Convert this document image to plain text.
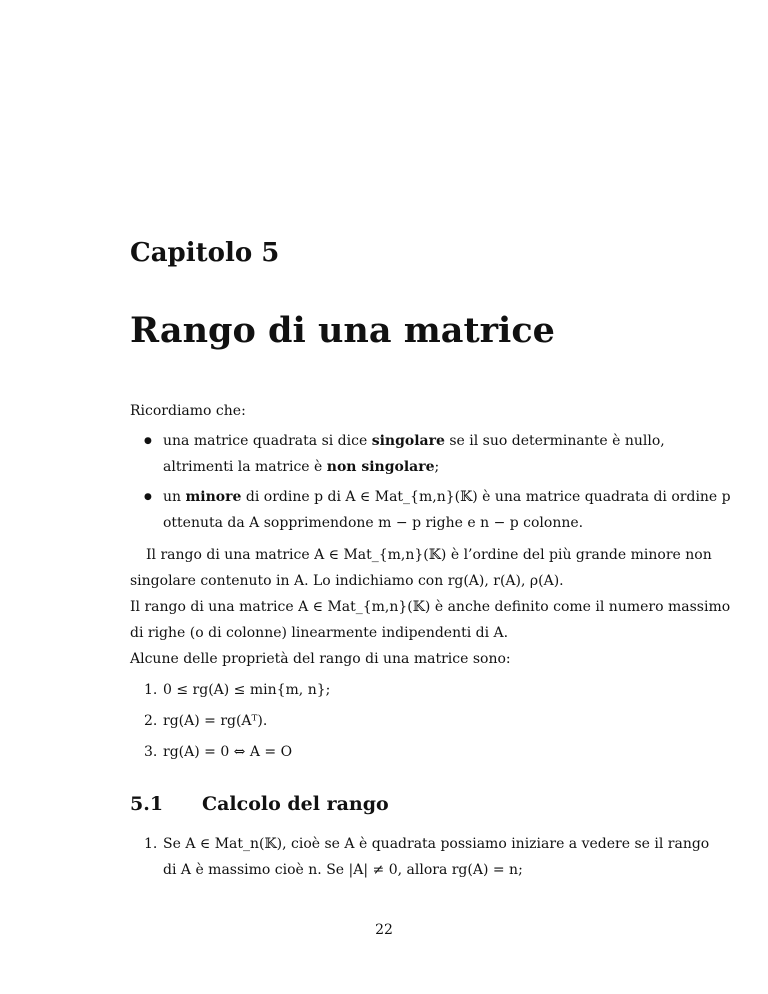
Capitolo 5
Rango di una matrice
Ricordiamo che:
● una matrice quadrata si dice singolare se il suo determinante è nullo,
altrimenti la matrice è non singolare;
● un minore di ordine p di A ∈ Mat_{m,n}(𝕂) è una matrice quadrata di ordine p
ottenuta da A sopprimendone m − p righe e n − p colonne.
Il rango di una matrice A ∈ Mat_{m,n}(𝕂) è l’ordine del più grande minore non
singolare contenuto in A. Lo indichiamo con rg(A), r(A), ρ(A).
Il rango di una matrice A ∈ Mat_{m,n}(𝕂) è anche definito come il numero massimo
di righe (o di colonne) linearmente indipendenti di A.
Alcune delle proprietà del rango di una matrice sono:
1. 0 ≤ rg(A) ≤ min{m, n};
2. rg(A) = rg(Aᵀ).
3. rg(A) = 0 ⇔ A = O
5.1 Calcolo del rango
1. Se A ∈ Mat_n(𝕂), cioè se A è quadrata possiamo iniziare a vedere se il rango
di A è massimo cioè n. Se |A| ≠ 0, allora rg(A) = n;
22
